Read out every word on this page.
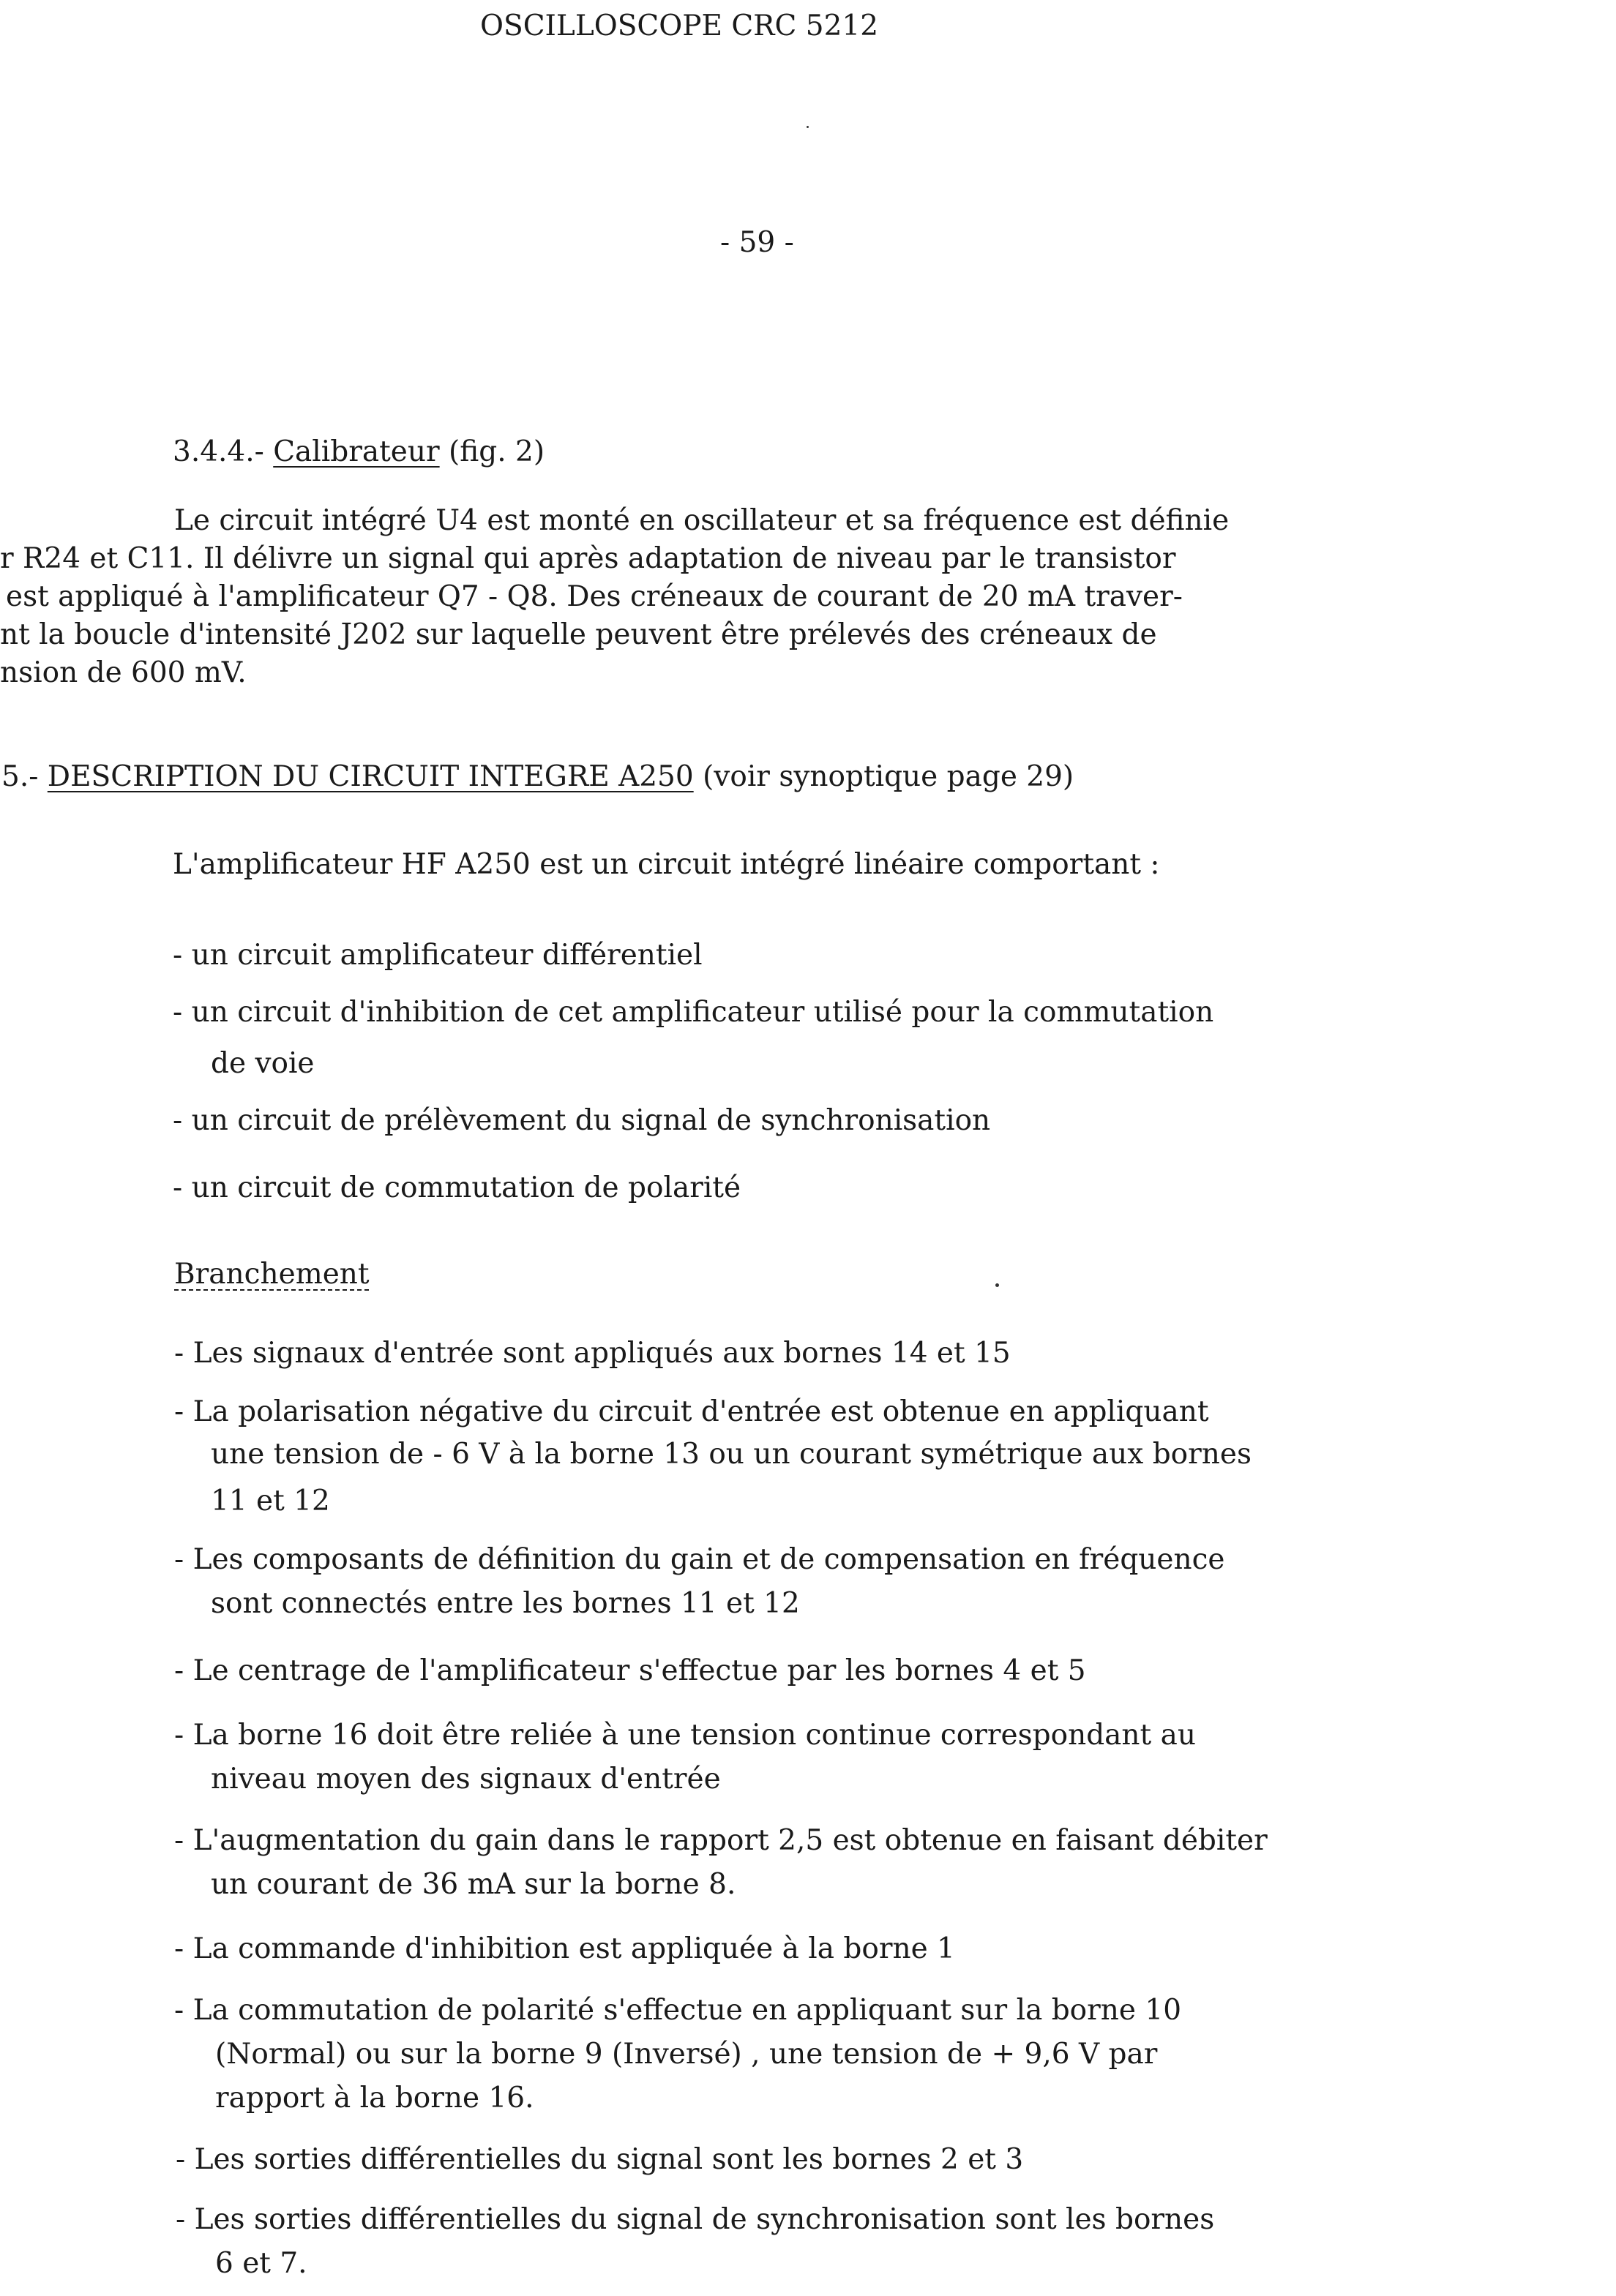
OSCILLOSCOPE CRC 5212
- 59 -
3.4.4.- Calibrateur (fig. 2)
Le circuit intégré U4 est monté en oscillateur et sa fréquence est définie
r R24 et C11. Il délivre un signal qui après adaptation de niveau par le transistor
est appliqué à l'amplificateur Q7 - Q8. Des créneaux de courant de 20 mA traver-
nt la boucle d'intensité J202 sur laquelle peuvent être prélevés des créneaux de
nsion de 600 mV.
5.- DESCRIPTION DU CIRCUIT INTEGRE A250 (voir synoptique page 29)
L'amplificateur HF A250 est un circuit intégré linéaire comportant :
- un circuit amplificateur différentiel
- un circuit d'inhibition de cet amplificateur utilisé pour la commutation
de voie
- un circuit de prélèvement du signal de synchronisation
- un circuit de commutation de polarité
Branchement
- Les signaux d'entrée sont appliqués aux bornes 14 et 15
- La polarisation négative du circuit d'entrée est obtenue en appliquant
une tension de - 6 V à la borne 13 ou un courant symétrique aux bornes
11 et 12
- Les composants de définition du gain et de compensation en fréquence
sont connectés entre les bornes 11 et 12
- Le centrage de l'amplificateur s'effectue par les bornes 4 et 5
- La borne 16 doit être reliée à une tension continue correspondant au
niveau moyen des signaux d'entrée
- L'augmentation du gain dans le rapport 2,5 est obtenue en faisant débiter
un courant de 36 mA sur la borne 8.
- La commande d'inhibition est appliquée à la borne 1
- La commutation de polarité s'effectue en appliquant sur la borne 10
(Normal) ou sur la borne 9 (Inversé) , une tension de + 9,6 V par
rapport à la borne 16.
- Les sorties différentielles du signal sont les bornes 2 et 3
- Les sorties différentielles du signal de synchronisation sont les bornes
6 et 7.
